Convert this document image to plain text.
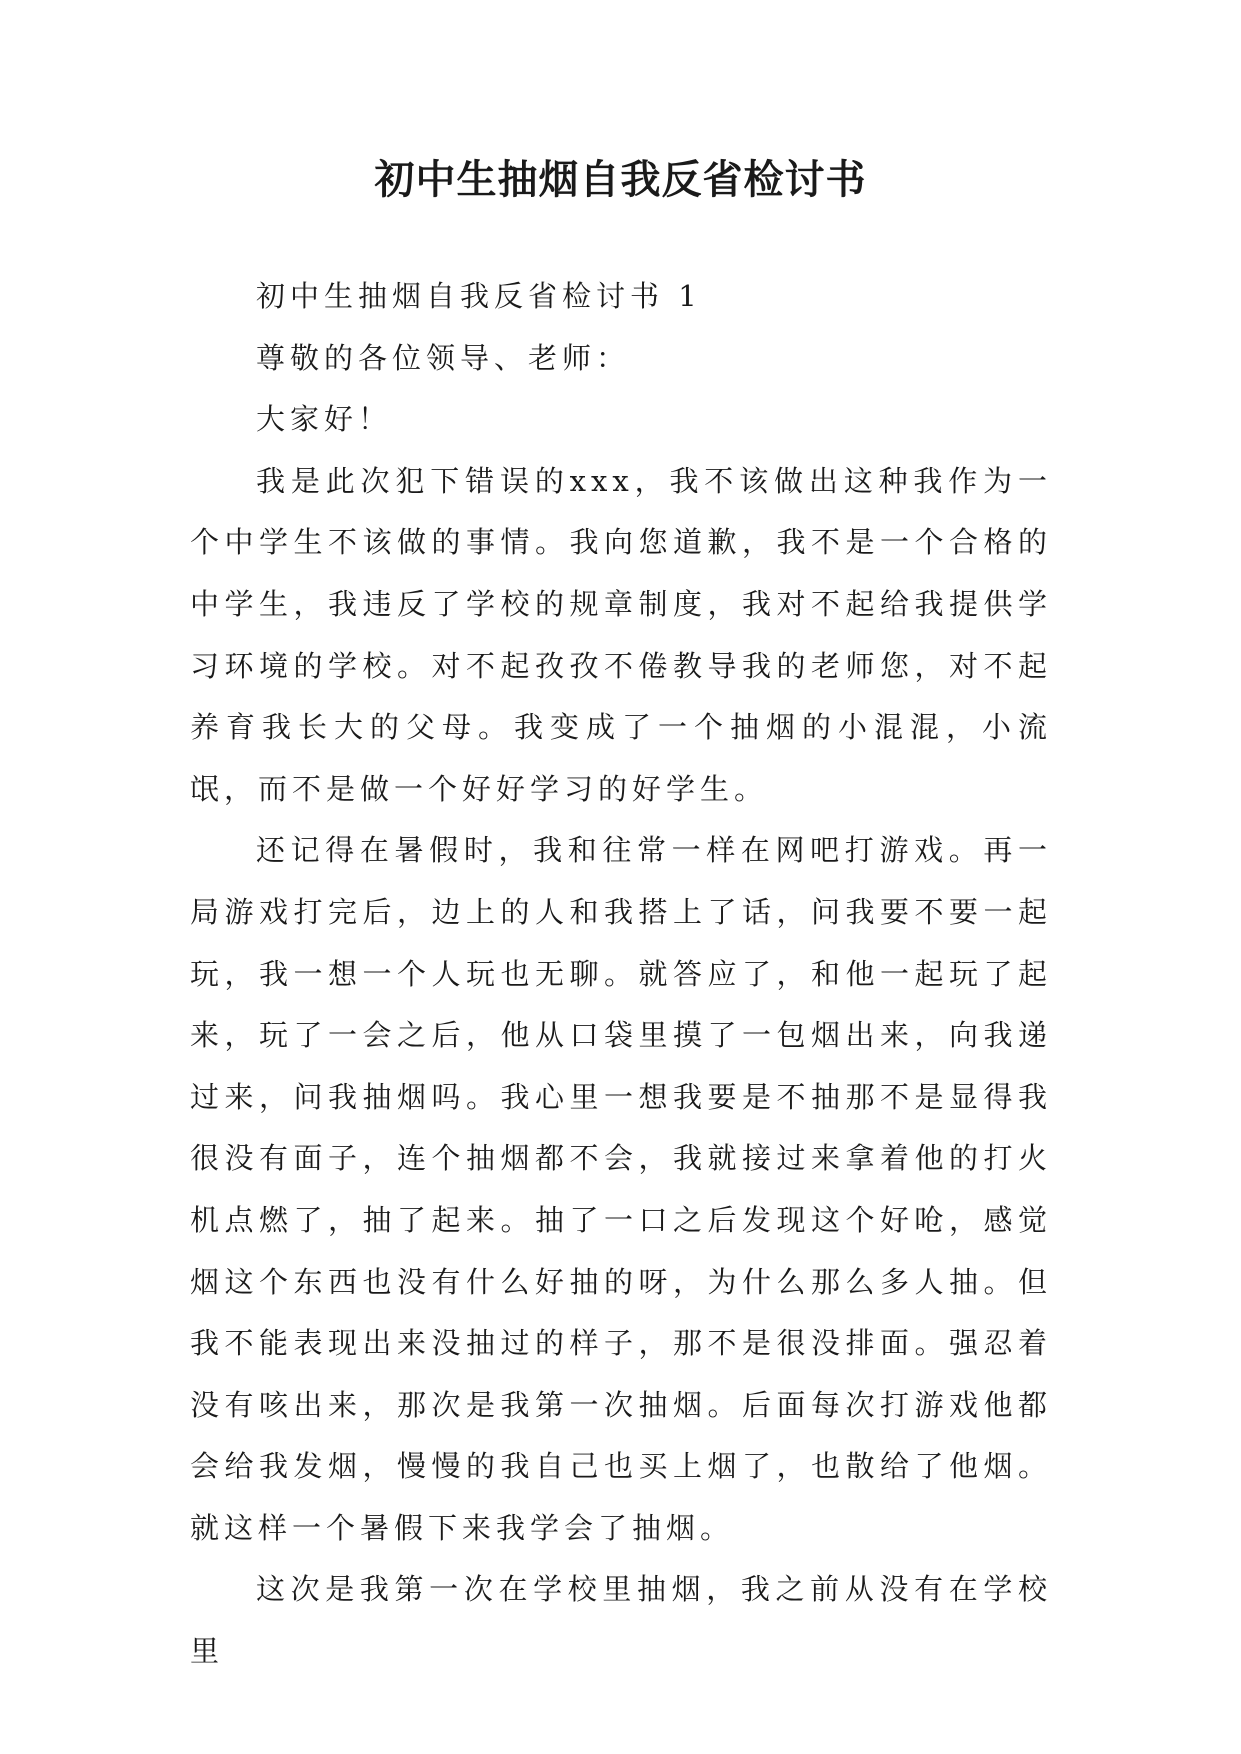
初中生抽烟自我反省检讨书

初中生抽烟自我反省检讨书 1

尊敬的各位领导、老师：

大家好！

我是此次犯下错误的xxx，我不该做出这种我作为一个中学生不该做的事情。我向您道歉，我不是一个合格的中学生，我违反了学校的规章制度，我对不起给我提供学习环境的学校。对不起孜孜不倦教导我的老师您，对不起养育我长大的父母。我变成了一个抽烟的小混混，小流氓，而不是做一个好好学习的好学生。

还记得在暑假时，我和往常一样在网吧打游戏。再一局游戏打完后，边上的人和我搭上了话，问我要不要一起玩，我一想一个人玩也无聊。就答应了，和他一起玩了起来，玩了一会之后，他从口袋里摸了一包烟出来，向我递过来，问我抽烟吗。我心里一想我要是不抽那不是显得我很没有面子，连个抽烟都不会，我就接过来拿着他的打火机点燃了，抽了起来。抽了一口之后发现这个好呛，感觉烟这个东西也没有什么好抽的呀，为什么那么多人抽。但我不能表现出来没抽过的样子，那不是很没排面。强忍着没有咳出来，那次是我第一次抽烟。后面每次打游戏他都会给我发烟，慢慢的我自己也买上烟了，也散给了他烟。就这样一个暑假下来我学会了抽烟。

这次是我第一次在学校里抽烟，我之前从没有在学校里
